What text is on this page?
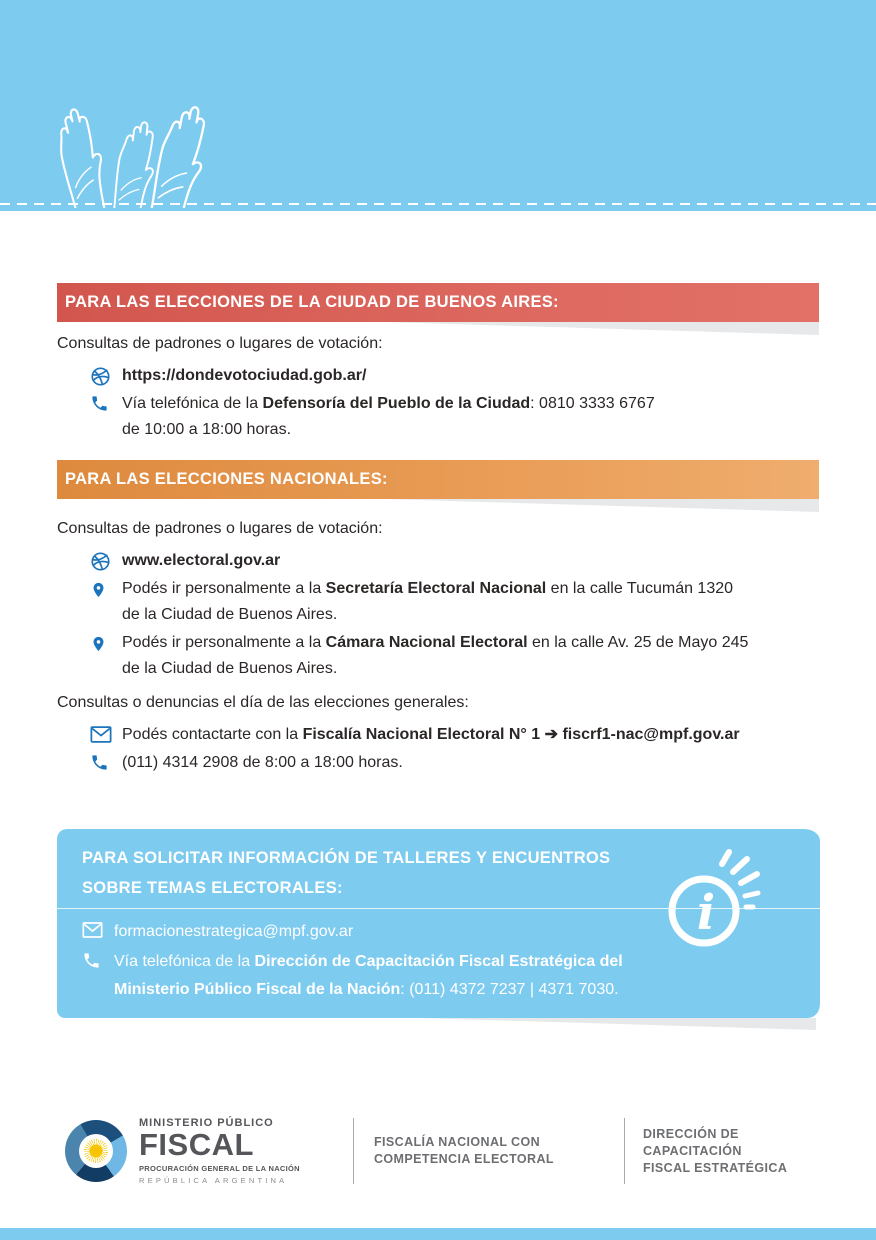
PARA LAS ELECCIONES DE LA CIUDAD DE BUENOS AIRES:
Consultas de padrones o lugares de votación:
https://dondevotociudad.gob.ar/
Vía telefónica de la Defensoría del Pueblo de la Ciudad: 0810 3333 6767
de 10:00 a 18:00 horas.
PARA LAS ELECCIONES NACIONALES:
Consultas de padrones o lugares de votación:
www.electoral.gov.ar
Podés ir personalmente a la Secretaría Electoral Nacional en la calle Tucumán 1320
de la Ciudad de Buenos Aires.
Podés ir personalmente a la Cámara Nacional Electoral en la calle Av. 25 de Mayo 245
de la Ciudad de Buenos Aires.
Consultas o denuncias el día de las elecciones generales:
Podés contactarte con la Fiscalía Nacional Electoral N° 1 ➔ fiscrf1-nac@mpf.gov.ar
(011) 4314 2908 de 8:00 a 18:00 horas.
PARA SOLICITAR INFORMACIÓN DE TALLERES Y ENCUENTROS
SOBRE TEMAS ELECTORALES:
formacionestrategica@mpf.gov.ar
Vía telefónica de la Dirección de Capacitación Fiscal Estratégica del
Ministerio Público Fiscal de la Nación: (011) 4372 7237 | 4371 7030.
i
MINISTERIO PÚBLICO
FISCAL
PROCURACIÓN GENERAL DE LA NACIÓN
REPÚBLICA ARGENTINA
FISCALÍA NACIONAL CON
COMPETENCIA ELECTORAL
DIRECCIÓN DE CAPACITACIÓN
FISCAL ESTRATÉGICA
